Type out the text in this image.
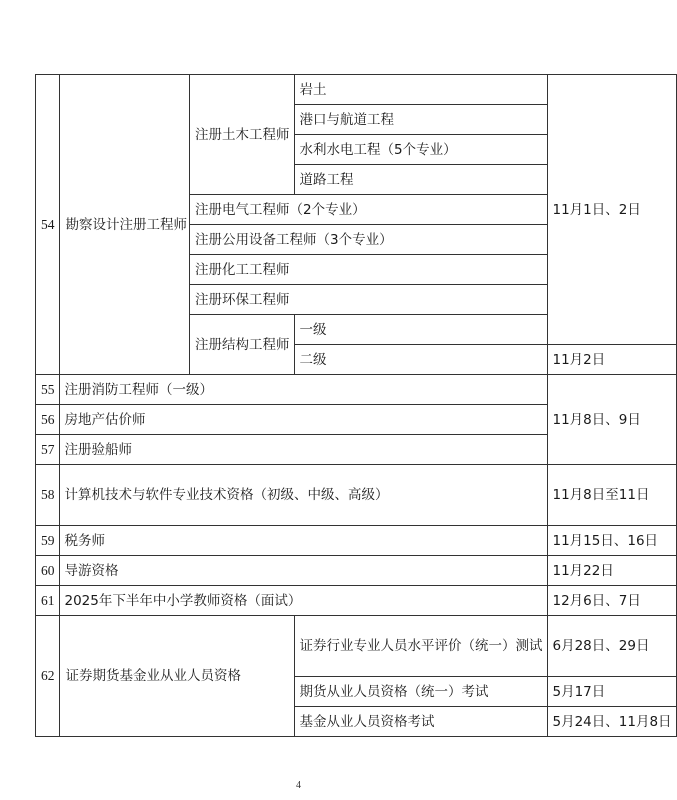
54	勘察设计注册工程师	注册土木工程师	岩土	11月1日、2日
			港口与航道工程	
			水利水电工程（5个专业）	
			道路工程	
		注册电气工程师（2个专业）		
		注册公用设备工程师（3个专业）		
		注册化工工程师		
		注册环保工程师		
		注册结构工程师	一级	
			二级	11月2日
55	注册消防工程师（一级）			11月8日、9日
56	房地产估价师			
57	注册验船师			
58	计算机技术与软件专业技术资格（初级、中级、高级）			11月8日至11日
59	税务师			11月15日、16日
60	导游资格			11月22日
61	2025年下半年中小学教师资格（面试）			12月6日、7日
62	证券期货基金业从业人员资格		证券行业专业人员水平评价（统一）测试	6月28日、29日
			期货从业人员资格（统一）考试	5月17日
			基金从业人员资格考试	5月24日、11月8日
4
